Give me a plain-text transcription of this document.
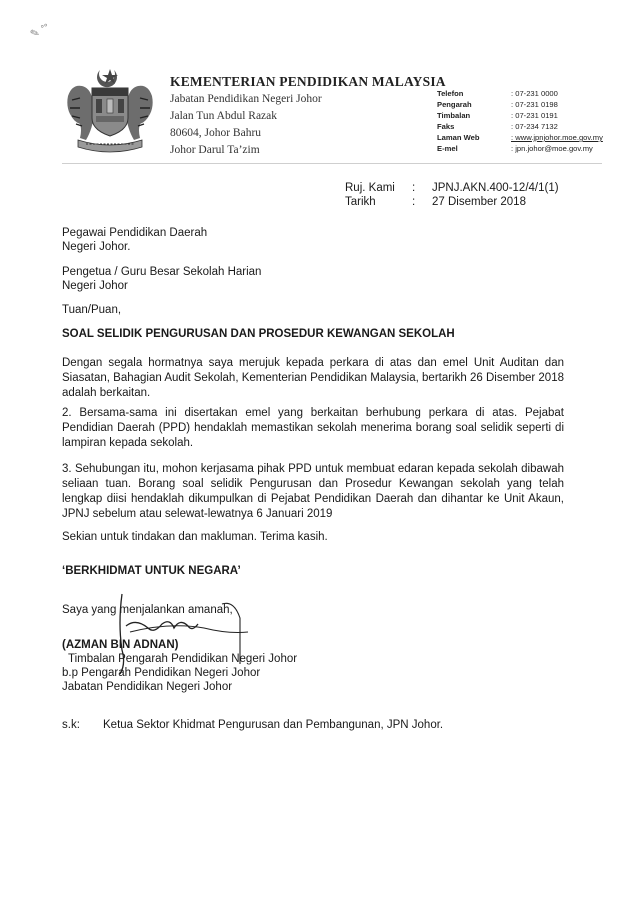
✎ ˚˚
KEMENTERIAN PENDIDIKAN MALAYSIA
Jabatan Pendidikan Negeri Johor
Jalan Tun Abdul Razak
80604, Johor Bahru
Johor Darul Ta’zim
Telefon	: 07-231 0000
Pengarah	: 07-231 0198
Timbalan	: 07-231 0191
Faks	: 07-234 7132
Laman Web	: www.jpnjohor.moe.gov.my
E-mel	: jpn.johor@moe.gov.my
Ruj. Kami : JPNJ.AKN.400-12/4/1(1)
Tarikh	: 27 Disember 2018
Pegawai Pendidikan Daerah
Negeri Johor.
Pengetua / Guru Besar Sekolah Harian
Negeri Johor
Tuan/Puan,
SOAL SELIDIK PENGURUSAN DAN PROSEDUR KEWANGAN SEKOLAH
Dengan segala hormatnya saya merujuk kepada perkara di atas dan emel Unit Auditan dan Siasatan, Bahagian Audit Sekolah, Kementerian Pendidikan Malaysia, bertarikh 26 Disember 2018 adalah berkaitan.
2. Bersama-sama ini disertakan emel yang berkaitan berhubung perkara di atas. Pejabat Pendidian Daerah (PPD) hendaklah memastikan sekolah menerima borang soal selidik seperti di lampiran kepada sekolah.
3. Sehubungan itu, mohon kerjasama pihak PPD untuk membuat edaran kepada sekolah dibawah seliaan tuan. Borang soal selidik Pengurusan dan Prosedur Kewangan sekolah yang telah lengkap diisi hendaklah dikumpulkan di Pejabat Pendidikan Daerah dan dihantar ke Unit Akaun, JPNJ sebelum atau selewat-lewatnya 6 Januari 2019
Sekian untuk tindakan dan makluman. Terima kasih.
‘BERKHIDMAT UNTUK NEGARA’
Saya yang menjalankan amanah,
(AZMAN BIN ADNAN)
Timbalan Pengarah Pendidikan Negeri Johor
b.p Pengarah Pendidikan Negeri Johor
Jabatan Pendidikan Negeri Johor
s.k: Ketua Sektor Khidmat Pengurusan dan Pembangunan, JPN Johor.
